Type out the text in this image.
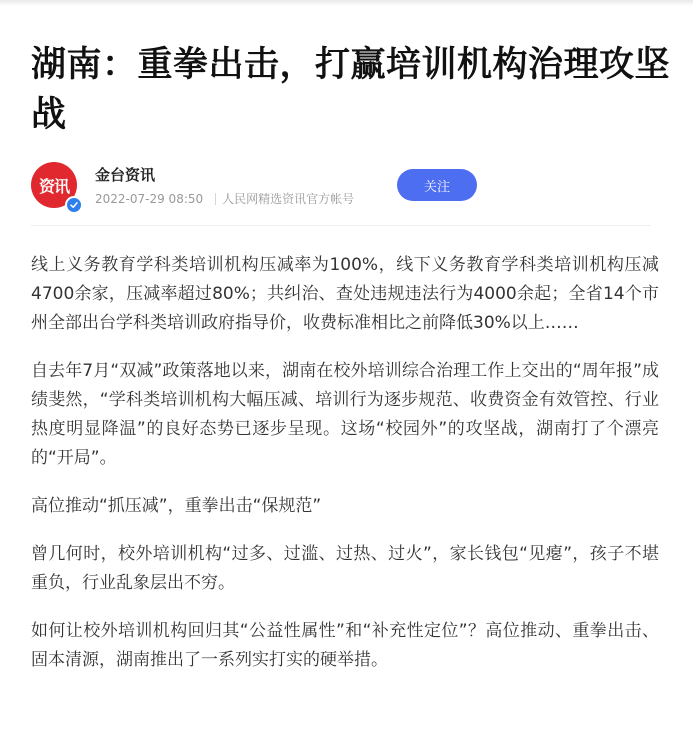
湖南：重拳出击，打赢培训机构治理攻坚战
资讯
金台资讯
2022-07-29 08:50 人民网精选资讯官方帐号
关注

线上义务教育学科类培训机构压减率为100%，线下义务教育学科类培训机构压减4700余家，压减率超过80%；共纠治、查处违规违法行为4000余起；全省14个市州全部出台学科类培训政府指导价，收费标准相比之前降低30%以上……

自去年7月“双减”政策落地以来，湖南在校外培训综合治理工作上交出的“周年报”成绩斐然，“学科类培训机构大幅压减、培训行为逐步规范、收费资金有效管控、行业热度明显降温”的良好态势已逐步呈现。这场“校园外”的攻坚战，湖南打了个漂亮的“开局”。

高位推动“抓压减”，重拳出击“保规范”

曾几何时，校外培训机构“过多、过滥、过热、过火”，家长钱包“见瘪”，孩子不堪重负，行业乱象层出不穷。

如何让校外培训机构回归其“公益性属性”和“补充性定位”？高位推动、重拳出击、固本清源，湖南推出了一系列实打实的硬举措。
